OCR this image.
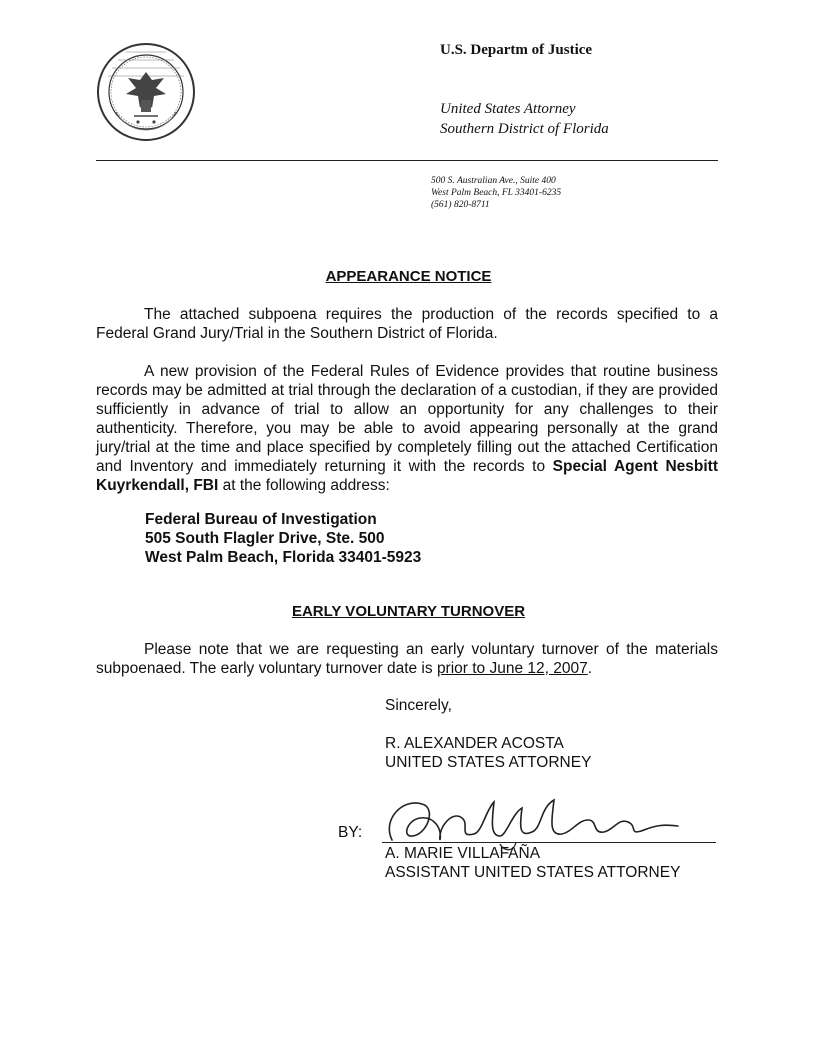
U.S. Departm of Justice
United States Attorney
Southern District of Florida
500 S. Australian Ave., Suite 400
West Palm Beach, FL 33401-6235
(561) 820-8711
APPEARANCE NOTICE

The attached subpoena requires the production of the records specified to a Federal Grand Jury/Trial in the Southern District of Florida.

A new provision of the Federal Rules of Evidence provides that routine business records may be admitted at trial through the declaration of a custodian, if they are provided sufficiently in advance of trial to allow an opportunity for any challenges to their authenticity. Therefore, you may be able to avoid appearing personally at the grand jury/trial at the time and place specified by completely filling out the attached Certification and Inventory and immediately returning it with the records to Special Agent Nesbitt Kuyrkendall, FBI at the following address:

Federal Bureau of Investigation
505 South Flagler Drive, Ste. 500
West Palm Beach, Florida 33401-5923
EARLY VOLUNTARY TURNOVER

Please note that we are requesting an early voluntary turnover of the materials subpoenaed. The early voluntary turnover date is prior to June 12, 2007.

Sincerely,
R. ALEXANDER ACOSTA
UNITED STATES ATTORNEY
BY:
A. MARIE VILLAFAÑA
ASSISTANT UNITED STATES ATTORNEY
